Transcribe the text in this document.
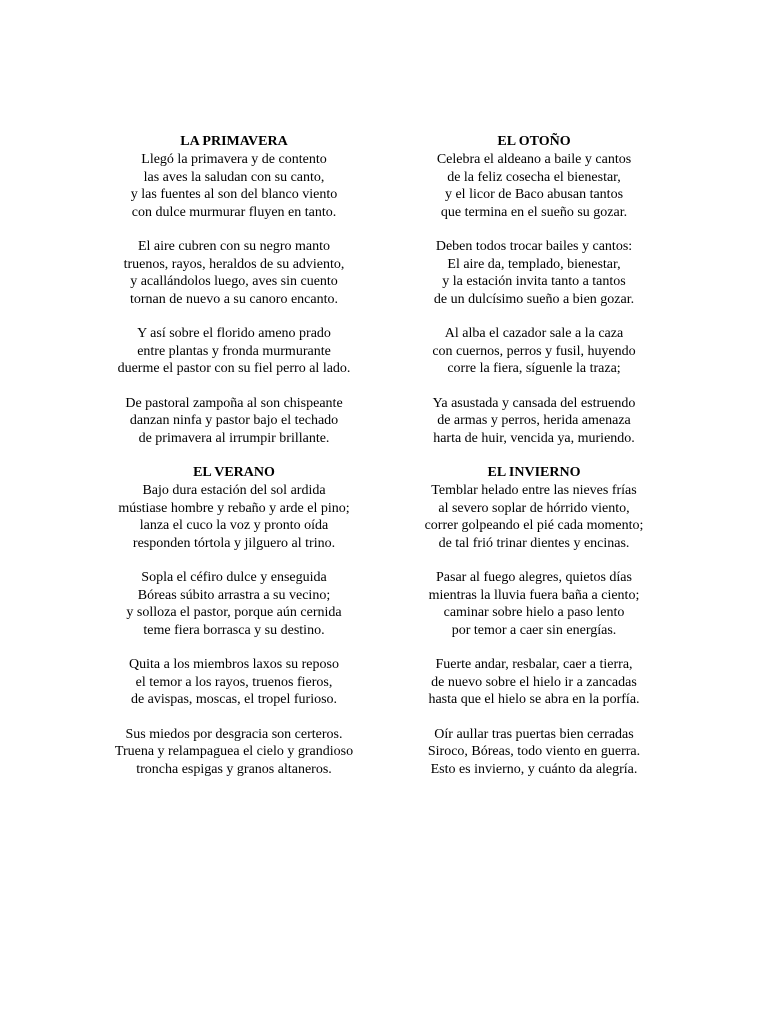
LA PRIMAVERA
Llegó la primavera y de contento
las aves la saludan con su canto,
y las fuentes al son del blanco viento
con dulce murmurar fluyen en tanto.
El aire cubren con su negro manto
truenos, rayos, heraldos de su adviento,
y acallándolos luego, aves sin cuento
tornan de nuevo a su canoro encanto.
Y así sobre el florido ameno prado
entre plantas y fronda murmurante
duerme el pastor con su fiel perro al lado.
De pastoral zampoña al son chispeante
danzan ninfa y pastor bajo el techado
de primavera al irrumpir brillante.
EL VERANO
Bajo dura estación del sol ardida
mústiase hombre y rebaño y arde el pino;
lanza el cuco la voz y pronto oída
responden tórtola y jilguero al trino.
Sopla el céfiro dulce y enseguida
Bóreas súbito arrastra a su vecino;
y solloza el pastor, porque aún cernida
teme fiera borrasca y su destino.
Quita a los miembros laxos su reposo
el temor a los rayos, truenos fieros,
de avispas, moscas, el tropel furioso.
Sus miedos por desgracia son certeros.
Truena y relampaguea el cielo y grandioso
troncha espigas y granos altaneros.
EL OTOÑO
Celebra el aldeano a baile y cantos
de la feliz cosecha el bienestar,
y el licor de Baco abusan tantos
que termina en el sueño su gozar.
Deben todos trocar bailes y cantos:
El aire da, templado, bienestar,
y la estación invita tanto a tantos
de un dulcísimo sueño a bien gozar.
Al alba el cazador sale a la caza
con cuernos, perros y fusil, huyendo
corre la fiera, síguenle la traza;
Ya asustada y cansada del estruendo
de armas y perros, herida amenaza
harta de huir, vencida ya, muriendo.
EL INVIERNO
Temblar helado entre las nieves frías
al severo soplar de hórrido viento,
correr golpeando el pié cada momento;
de tal frió trinar dientes y encinas.
Pasar al fuego alegres, quietos días
mientras la lluvia fuera baña a ciento;
caminar sobre hielo a paso lento
por temor a caer sin energías.
Fuerte andar, resbalar, caer a tierra,
de nuevo sobre el hielo ir a zancadas
hasta que el hielo se abra en la porfía.
Oír aullar tras puertas bien cerradas
Siroco, Bóreas, todo viento en guerra.
Esto es invierno, y cuánto da alegría.
